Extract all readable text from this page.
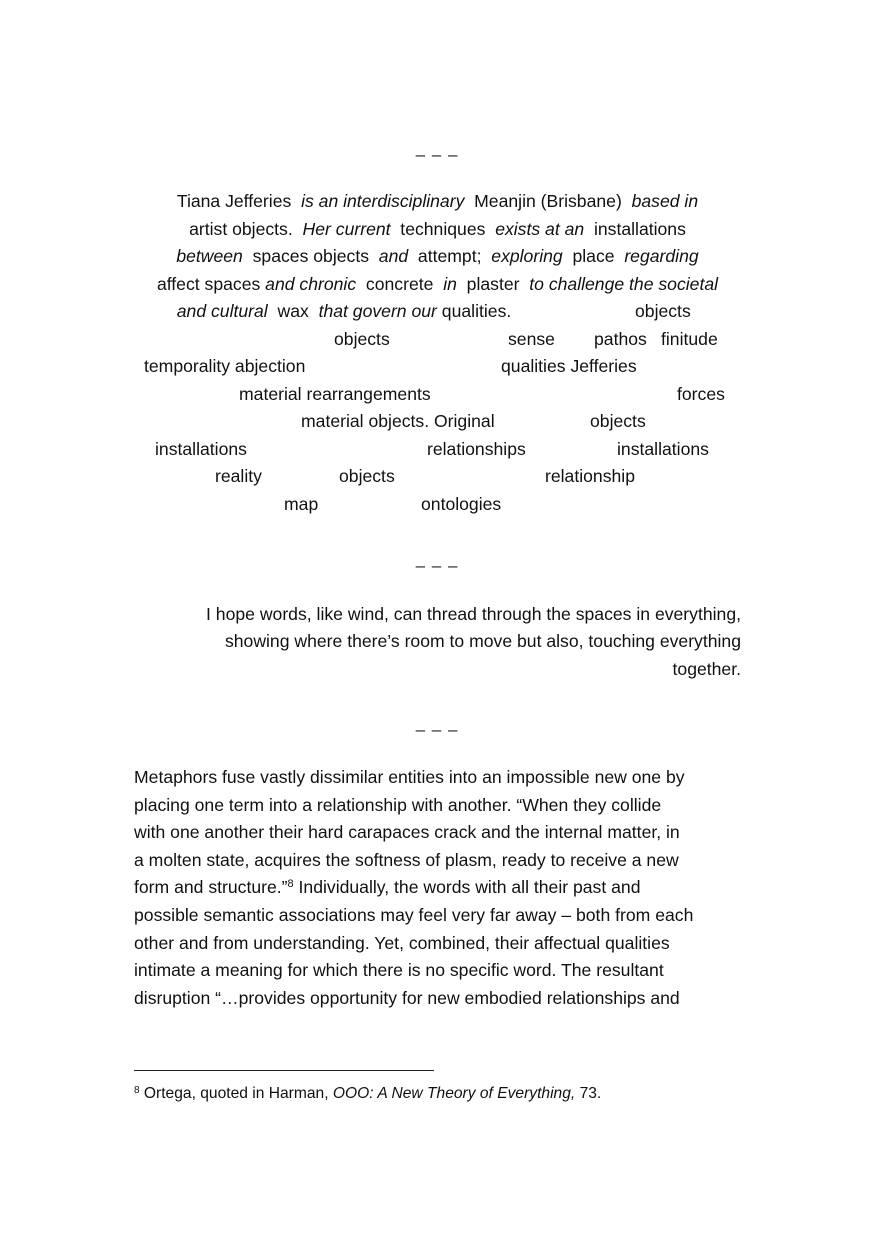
– – –
Tiana Jefferies is an interdisciplinary  Meanjin (Brisbane)  based in
artist objects.  Her current  techniques  exists at an  installations
between  spaces objects  and  attempt;  exploring  place  regarding
affect spaces and chronic  concrete  in  plaster  to challenge the societal
and cultural  wax  that govern our qualities.	objects
objects	sense pathos finitude
temporality abjection	qualities Jefferies
material rearrangements	forces
material objects. Original	objects
installations	relationships	installations
reality	objects	relationship
map	ontologies
– – –
I hope words, like wind, can thread through the spaces in everything,
showing where there’s room to move but also, touching everything
together.
– – –
Metaphors fuse vastly dissimilar entities into an impossible new one by
placing one term into a relationship with another. “When they collide
with one another their hard carapaces crack and the internal matter, in
a molten state, acquires the softness of plasm, ready to receive a new
form and structure.”$^8$ Individually, the words with all their past and
possible semantic associations may feel very far away – both from each
other and from understanding. Yet, combined, their affectual qualities
intimate a meaning for which there is no specific word. The resultant
disruption “…provides opportunity for new embodied relationships and
$^8$ Ortega, quoted in Harman, OOO: A New Theory of Everything, 73.
